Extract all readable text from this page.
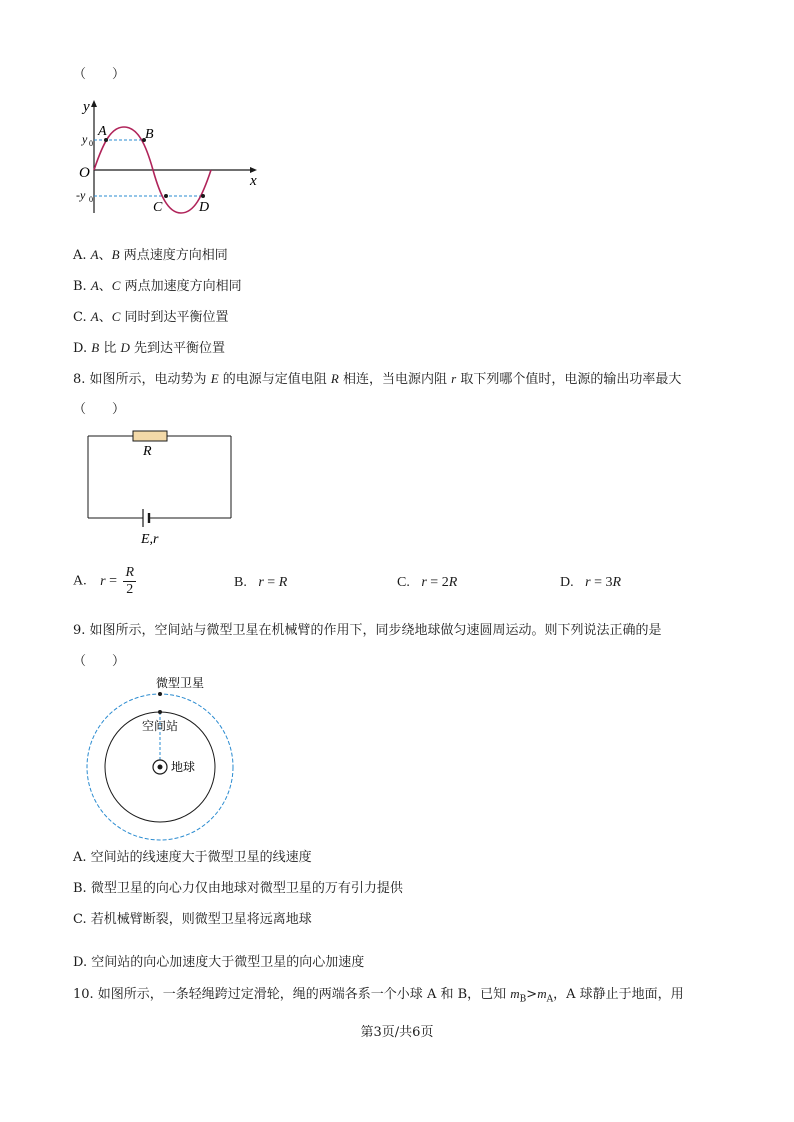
（　　）
y
x
O
y 0
-y 0
A	B
C	D
A. A、B 两点速度方向相同
B. A、C 两点加速度方向相同
C. A、C 同时到达平衡位置
D. B 比 D 先到达平衡位置
8. 如图所示，电动势为 E 的电源与定值电阻 R 相连，当电源内阻 r 取下列哪个值时，电源的输出功率最大
（　　）
R
E,r
A. $r = \frac{R}{2}$	B. r = R	C. r = 2R	D. r = 3R
9. 如图所示，空间站与微型卫星在机械臂的作用下，同步绕地球做匀速圆周运动。则下列说法正确的是
（　　）
微型卫星
空间站
地球
A. 空间站的线速度大于微型卫星的线速度
B. 微型卫星的向心力仅由地球对微型卫星的万有引力提供
C. 若机械臂断裂，则微型卫星将远离地球
D. 空间站的向心加速度大于微型卫星的向心加速度
10. 如图所示，一条轻绳跨过定滑轮，绳的两端各系一个小球 A 和 B，已知 $m_B>m_A$，A 球静止于地面，用
第3页/共6页
